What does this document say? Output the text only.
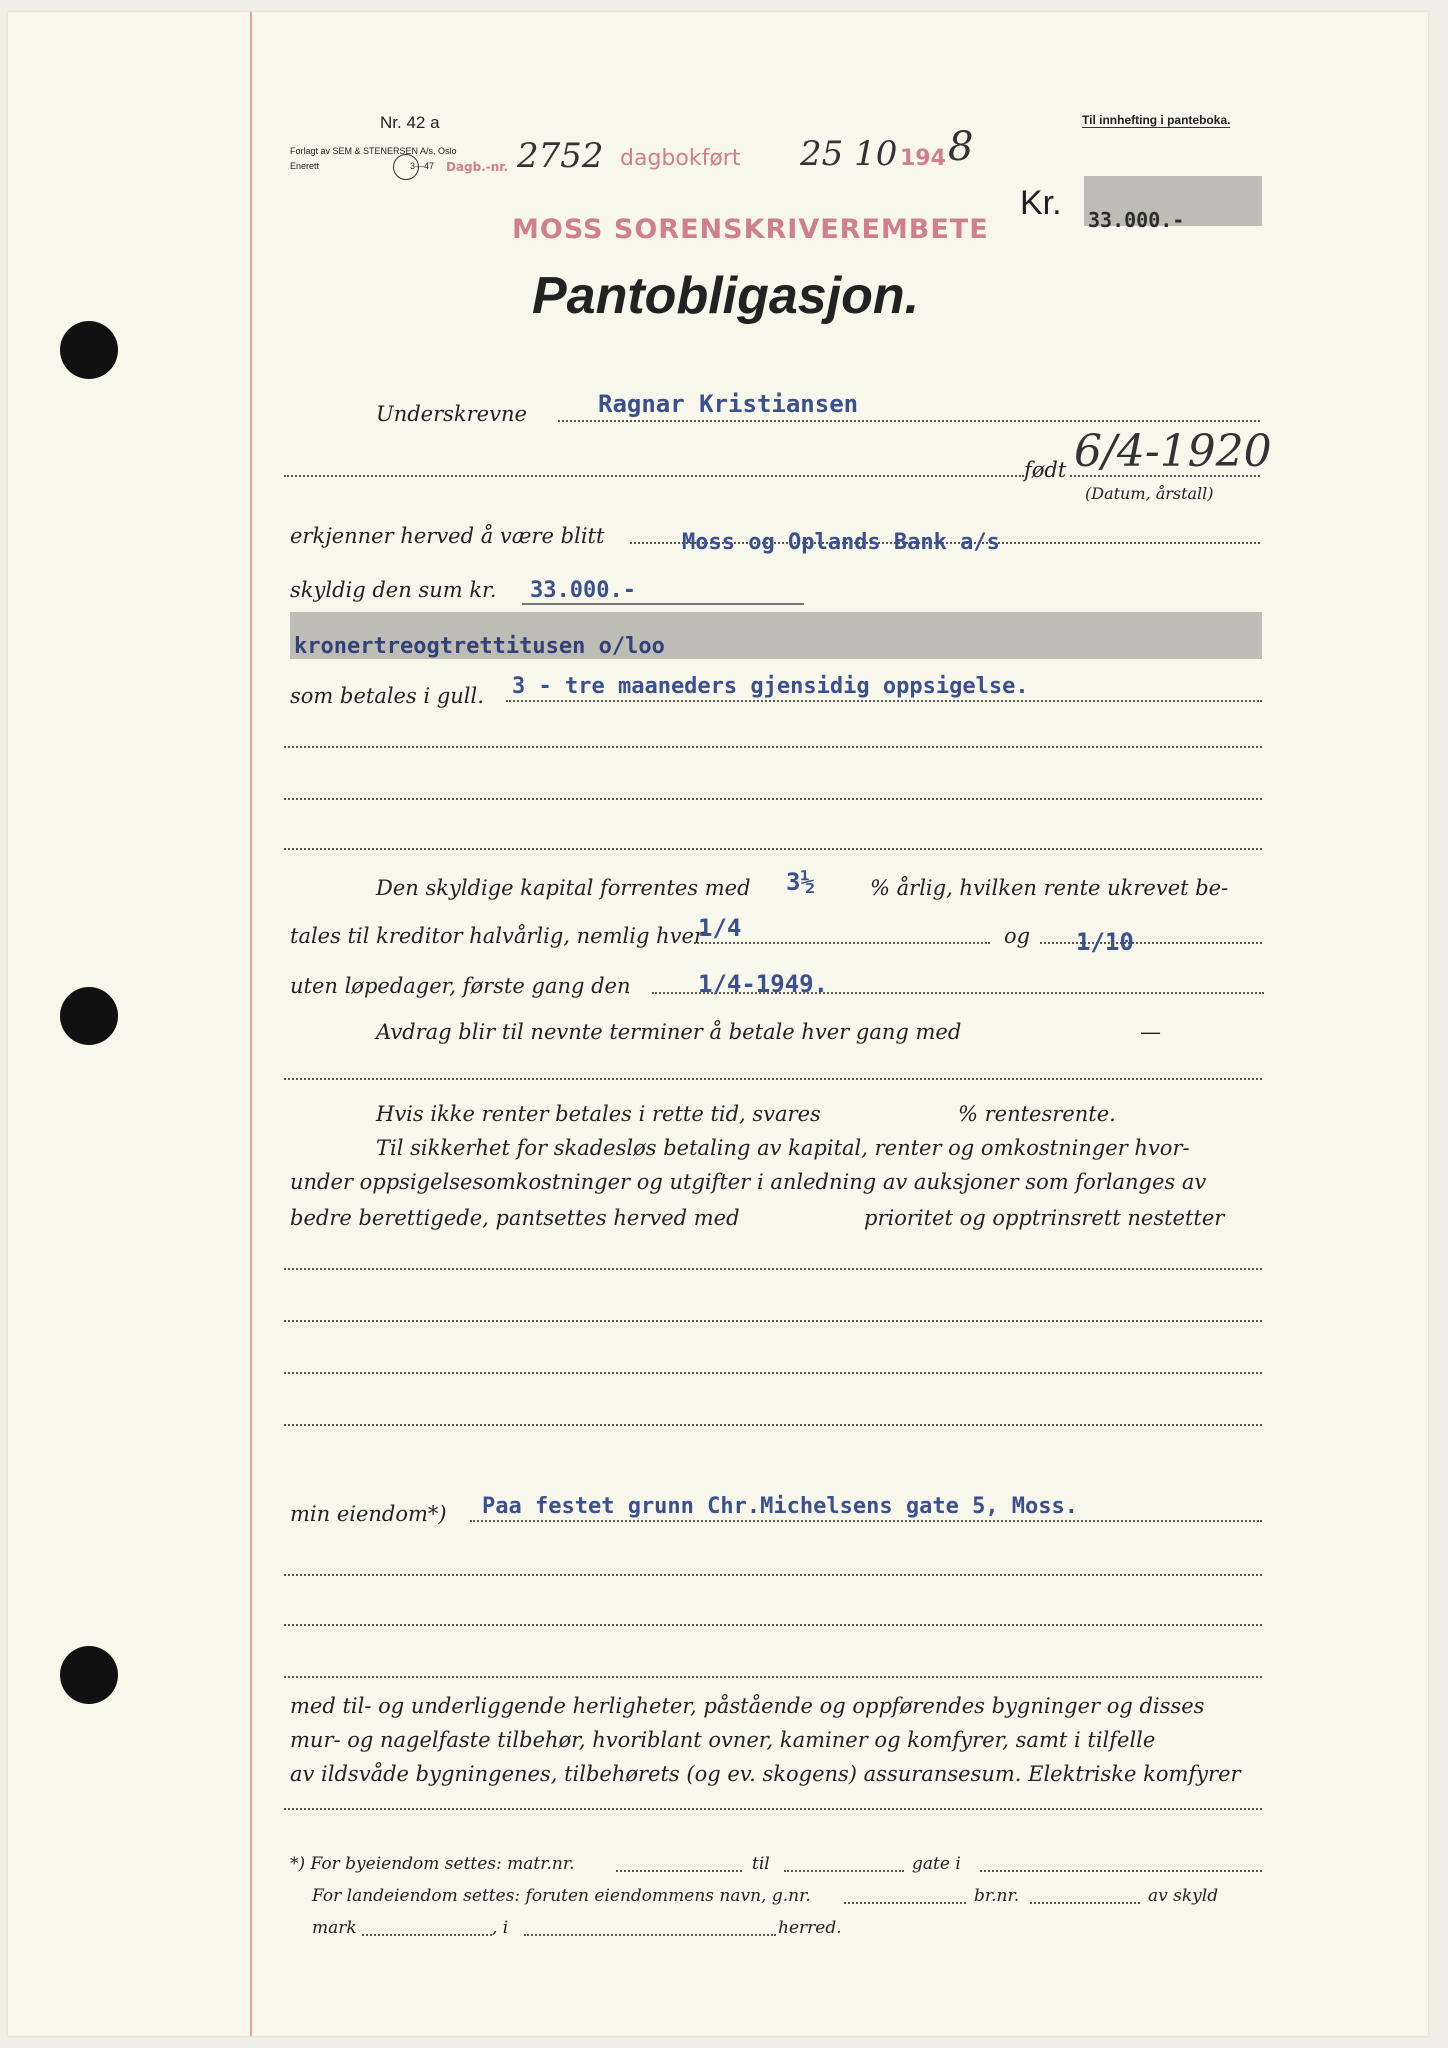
Nr. 42 a
Forlagt av SEM & STENERSEN A/s, Oslo
Enerett	3—47
Til innhefting i panteboka.
Dagb.-nr. 2752 dagbokført 25 10 194 8
MOSS SORENSKRIVEREMBETE
Kr. 33.000.-
Pantobligasjon.
Underskrevne	Ragnar Kristiansen
født 6/4-1920
(Datum, årstall)
erkjenner herved å være blitt	Moss og Oplands Bank a/s
skyldig den sum kr. 33.000.-
kronertreogtrettitusen o/loo
som betales i gull. 3 - tre maaneders gjensidig oppsigelse.
Den skyldige kapital forrentes med 3½	% årlig, hvilken rente ukrevet be-
tales til kreditor halvårlig, nemlig hver
1/4	og 1/10
uten løpedager, første gang den	1/4-1949.
Avdrag blir til nevnte terminer å betale hver gang med	—
Hvis ikke renter betales i rette tid, svares	% rentesrente.
Til sikkerhet for skadesløs betaling av kapital, renter og omkostninger hvor-
under oppsigelsesomkostninger og utgifter i anledning av auksjoner som forlanges av
bedre berettigede, pantsettes herved med	prioritet og opptrinsrett nestetter
min eiendom*) Paa festet grunn Chr.Michelsens gate 5, Moss.
med til- og underliggende herligheter, påstående og oppførendes bygninger og disses
mur- og nagelfaste tilbehør, hvoriblant ovner, kaminer og komfyrer, samt i tilfelle
av ildsvåde bygningenes, tilbehørets (og ev. skogens) assuransesum. Elektriske komfyrer
*) For byeiendom settes: matr.nr.	til	gate i
For landeiendom settes: foruten eiendommens navn, g.nr.	br.nr.	av skyld
mark	, i	herred.
